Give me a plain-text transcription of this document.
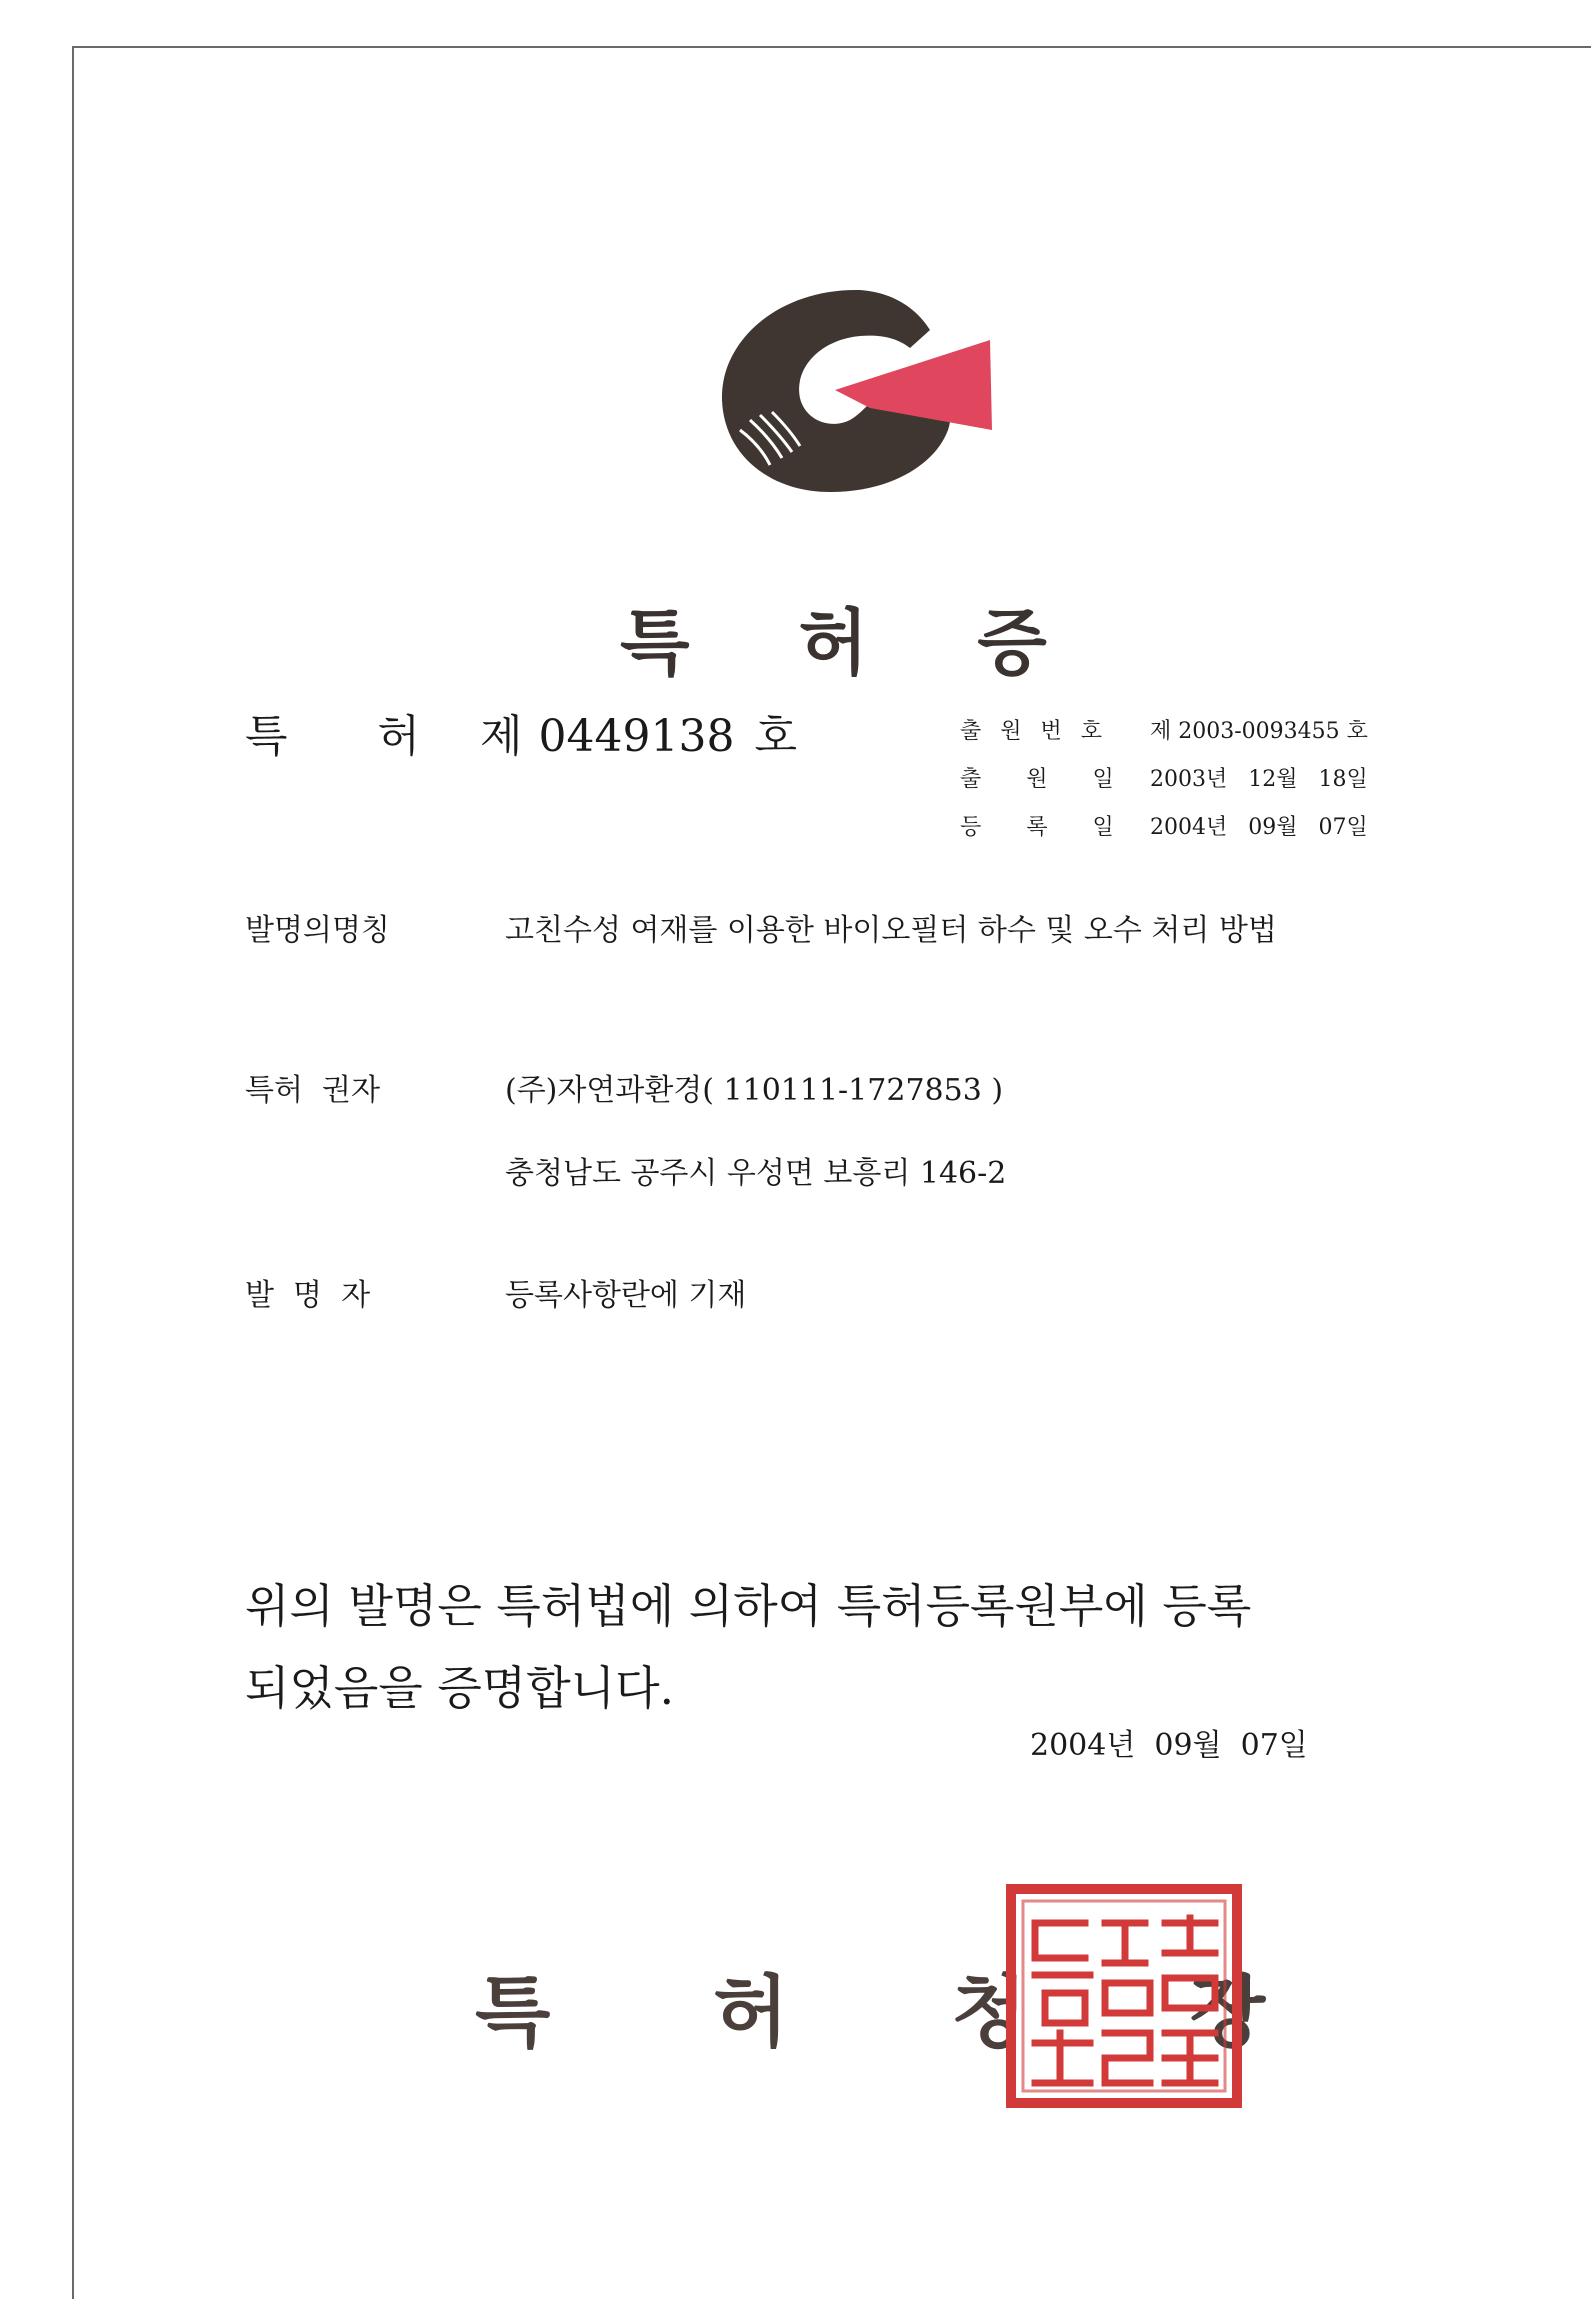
특 허 증
특 허 제 0449138 호	출 원 번 호	제 2003-0093455 호
출   원   일	2003년   12월   18일
등   록   일	2004년   09월   07일
발명의명칭	고친수성 여재를 이용한 바이오필터 하수 및 오수 처리 방법
특허  권자	(주)자연과환경( 110111-1727853 )
충청남도 공주시 우성면 보흥리 146-2
발  명  자	등록사항란에 기재
위의 발명은 특허법에 의하여 특허등록원부에 등록
되었음을 증명합니다.
2004년  09월  07일
특      허      청      장
